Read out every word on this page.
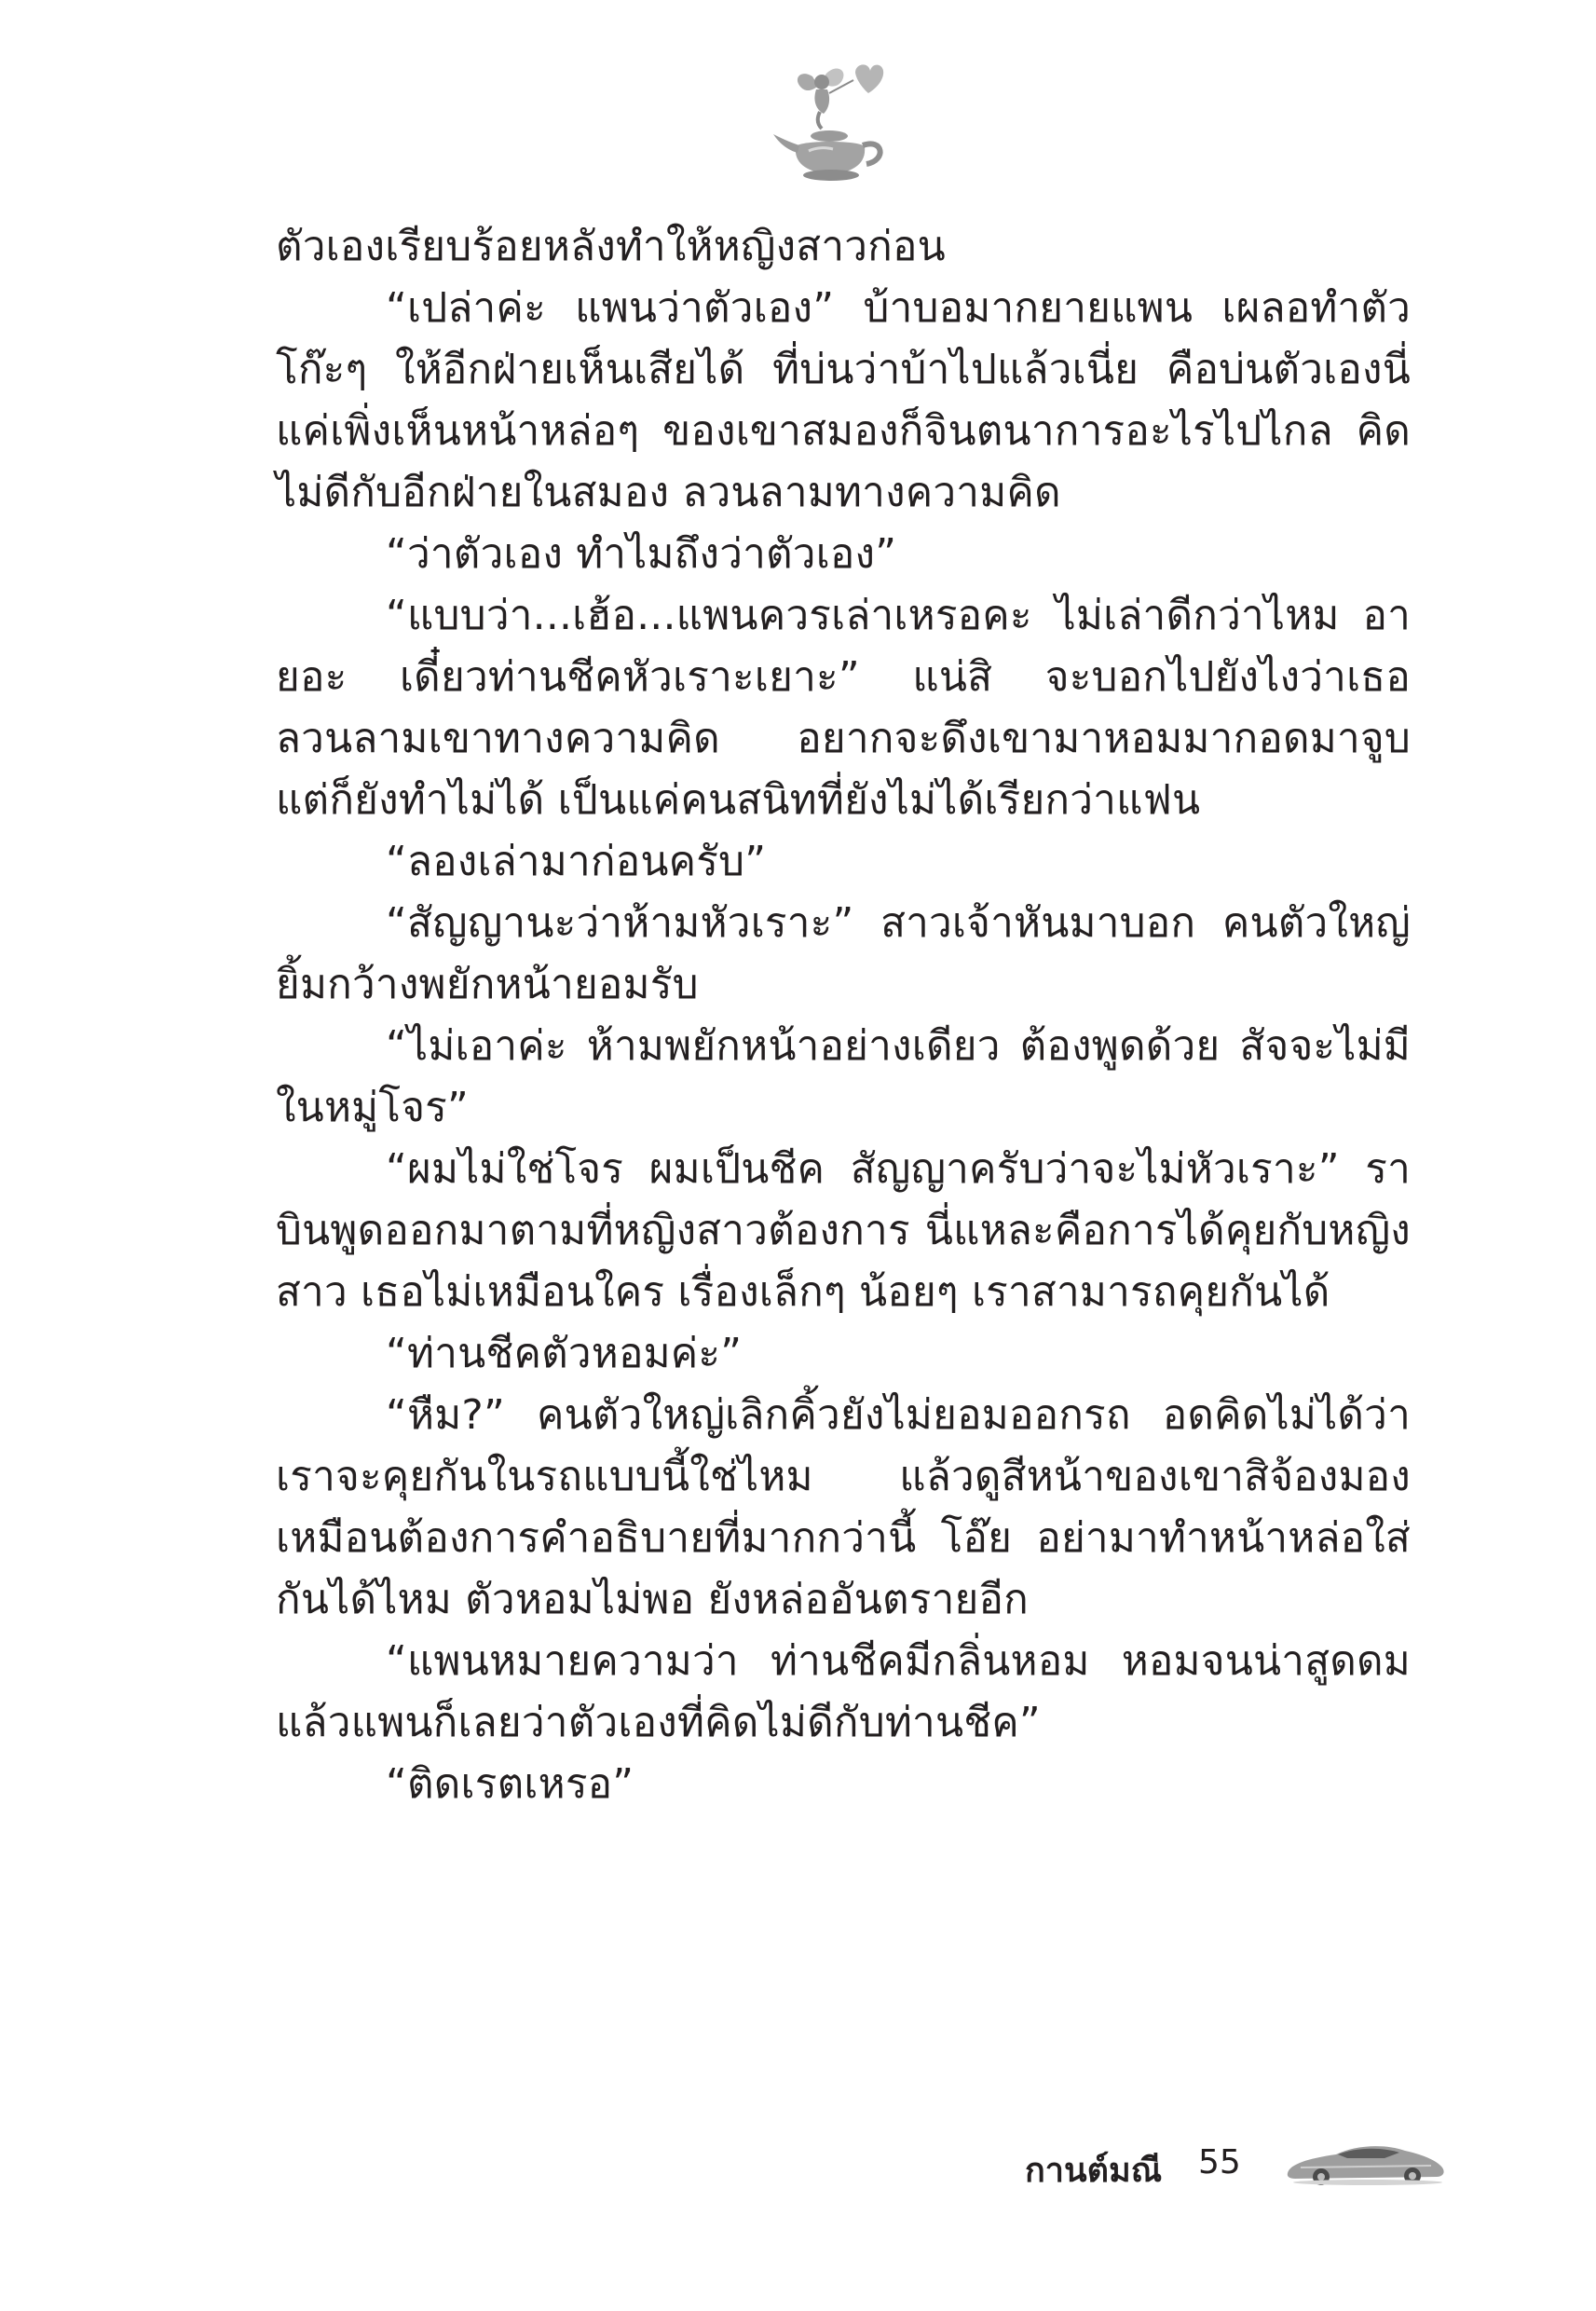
ตัวเองเรียบร้อยหลังทำให้หญิงสาวก่อน

“เปล่าค่ะ แพนว่าตัวเอง” บ้าบอมากยายแพน เผลอทำตัวโก๊ะๆ ให้อีกฝ่ายเห็นเสียได้ ที่บ่นว่าบ้าไปแล้วเนี่ย คือบ่นตัวเองนี่ แค่เพิ่งเห็นหน้าหล่อๆ ของเขาสมองก็จินตนาการอะไรไปไกล คิดไม่ดีกับอีกฝ่ายในสมอง ลวนลามทางความคิด

“ว่าตัวเอง ทำไมถึงว่าตัวเอง”

“แบบว่า...เฮ้อ...แพนควรเล่าเหรอคะ ไม่เล่าดีกว่าไหม อายอะ เดี๋ยวท่านชีคหัวเราะเยาะ” แน่สิ จะบอกไปยังไงว่าเธอลวนลามเขาทางความคิด อยากจะดึงเขามาหอมมากอดมาจูบ แต่ก็ยังทำไม่ได้ เป็นแค่คนสนิทที่ยังไม่ได้เรียกว่าแฟน

“ลองเล่ามาก่อนครับ”

“สัญญานะว่าห้ามหัวเราะ” สาวเจ้าหันมาบอก คนตัวใหญ่ยิ้มกว้างพยักหน้ายอมรับ

“ไม่เอาค่ะ ห้ามพยักหน้าอย่างเดียว ต้องพูดด้วย สัจจะไม่มีในหมู่โจร”

“ผมไม่ใช่โจร ผมเป็นชีค สัญญาครับว่าจะไม่หัวเราะ” ราบินพูดออกมาตามที่หญิงสาวต้องการ นี่แหละคือการได้คุยกับหญิงสาว เธอไม่เหมือนใคร เรื่องเล็กๆ น้อยๆ เราสามารถคุยกันได้

“ท่านชีคตัวหอมค่ะ”

“หืม?” คนตัวใหญ่เลิกคิ้วยังไม่ยอมออกรถ อดคิดไม่ได้ว่าเราจะคุยกันในรถแบบนี้ใช่ไหม แล้วดูสีหน้าของเขาสิจ้องมองเหมือนต้องการคำอธิบายที่มากกว่านี้ โอ๊ย อย่ามาทำหน้าหล่อใส่กันได้ไหม ตัวหอมไม่พอ ยังหล่ออันตรายอีก

“แพนหมายความว่า ท่านชีคมีกลิ่นหอม หอมจนน่าสูดดม แล้วแพนก็เลยว่าตัวเองที่คิดไม่ดีกับท่านชีค”

“ติดเรตเหรอ”

กานต์มณี 55
